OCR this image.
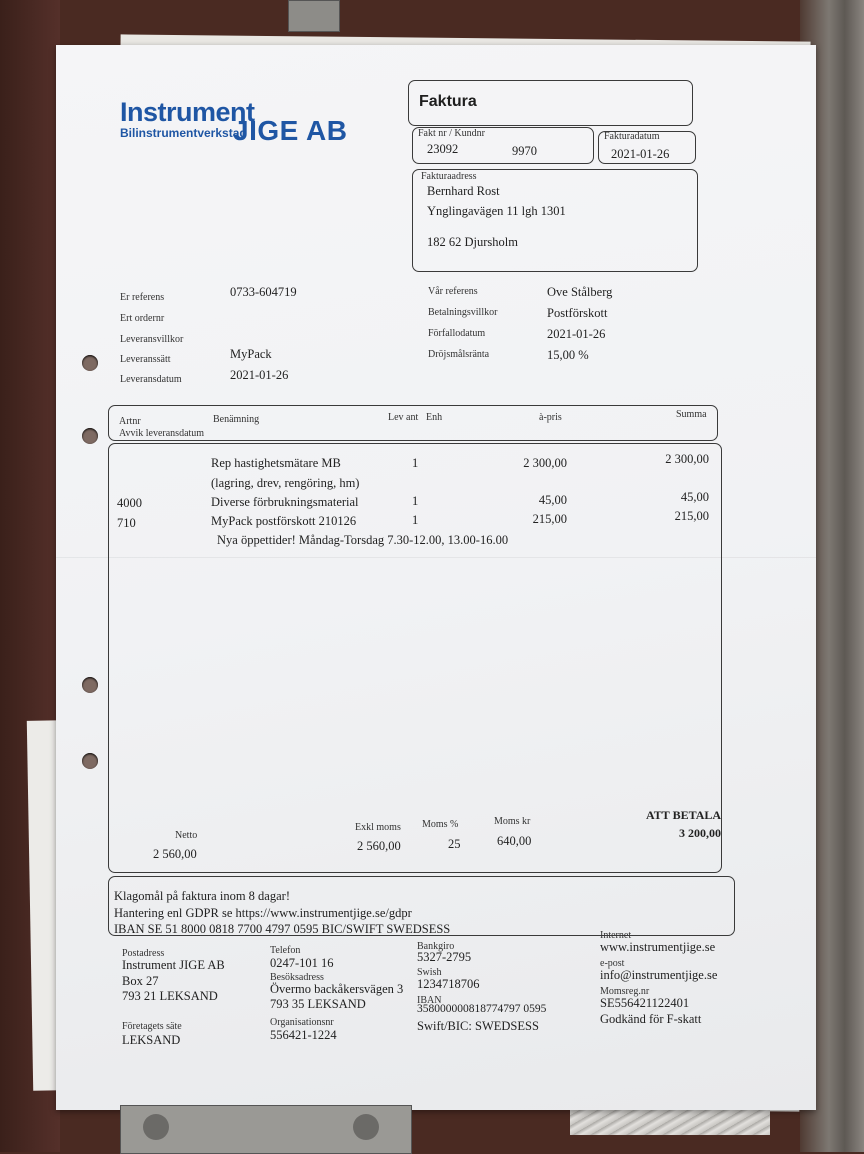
Instrument
Bilinstrumentverkstad
JIGE AB
Faktura
Fakt nr / Kundnr
23092	9970
Fakturadatum
2021-01-26
Fakturaadress
Bernhard Rost
Ynglingavägen 11 lgh 1301
182 62 Djursholm
Er referens	0733-604719
Ert ordernr
Leveransvillkor
Leveranssätt	MyPack
Leveransdatum	2021-01-26
Vår referens	Ove Stålberg
Betalningsvillkor	Postförskott
Förfallodatum	2021-01-26
Dröjsmålsränta	15,00 %
Artnr
Avvik leveransdatum
Benämning	Lev ant Enh	à-pris	Summa
Rep hastighetsmätare MB	1	2 300,00	2 300,00
(lagring, drev, rengöring, hm)
4000	Diverse förbrukningsmaterial	1	45,00	45,00
710	MyPack postförskott 210126	1	215,00	215,00
Nya öppettider! Måndag-Torsdag 7.30-12.00, 13.00-16.00
Netto
2 560,00
Exkl moms
2 560,00
Moms %
25
Moms kr
640,00
ATT BETALA
3 200,00
Klagomål på faktura inom 8 dagar!
Hantering enl GDPR se https://www.instrumentjige.se/gdpr
IBAN SE 51 8000 0818 7700 4797 0595 BIC/SWIFT SWEDSESS
Postadress
Instrument JIGE AB
Box 27
793 21 LEKSAND
Företagets säte
LEKSAND
Telefon
0247-101 16
Besöksadress
Övermo backåkersvägen 3
793 35 LEKSAND
Organisationsnr
556421-1224
Bankgiro
5327-2795
Swish
1234718706
IBAN
358000000818774797 0595
Swift/BIC: SWEDSESS
Internet
www.instrumentjige.se
e-post
info@instrumentjige.se
Momsreg.nr
SE556421122401
Godkänd för F-skatt
